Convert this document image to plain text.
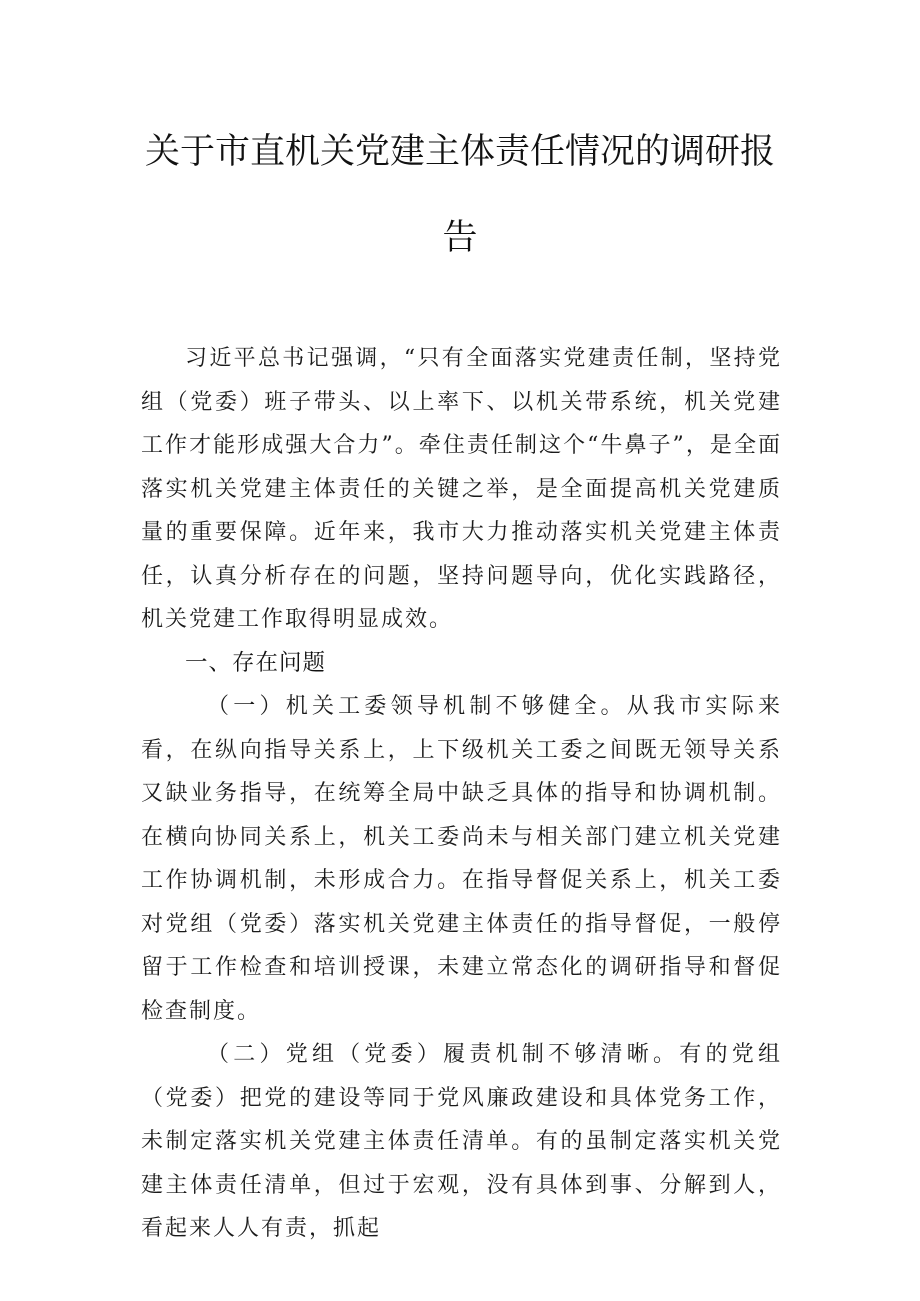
关于市直机关党建主体责任情况的调研报
告

习近平总书记强调，“只有全面落实党建责任制，坚持党组（党委）班子带头、以上率下、以机关带系统，机关党建工作才能形成强大合力”。牵住责任制这个“牛鼻子”，是全面落实机关党建主体责任的关键之举，是全面提高机关党建质量的重要保障。近年来，我市大力推动落实机关党建主体责任，认真分析存在的问题，坚持问题导向，优化实践路径，机关党建工作取得明显成效。

一、存在问题

（一）机关工委领导机制不够健全。从我市实际来看，在纵向指导关系上，上下级机关工委之间既无领导关系又缺业务指导，在统筹全局中缺乏具体的指导和协调机制。在横向协同关系上，机关工委尚未与相关部门建立机关党建工作协调机制，未形成合力。在指导督促关系上，机关工委对党组（党委）落实机关党建主体责任的指导督促，一般停留于工作检查和培训授课，未建立常态化的调研指导和督促检查制度。

（二）党组（党委）履责机制不够清晰。有的党组（党委）把党的建设等同于党风廉政建设和具体党务工作，未制定落实机关党建主体责任清单。有的虽制定落实机关党建主体责任清单，但过于宏观，没有具体到事、分解到人，看起来人人有责，抓起
